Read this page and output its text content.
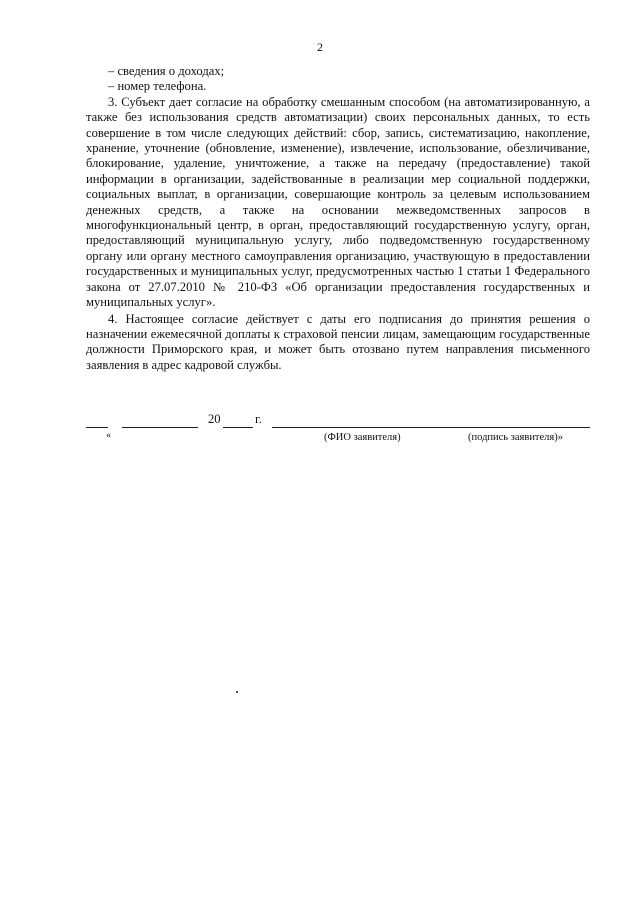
2

– сведения о доходах;

– номер телефона.

3. Субъект дает согласие на обработку смешанным способом (на автоматизированную, а также без использования средств автоматизации) своих персональных данных, то есть совершение в том числе следующих действий: сбор, запись, систематизацию, накопление, хранение, уточнение (обновление, изменение), извлечение, использование, обезличивание, блокирование, удаление, уничтожение, а также на передачу (предоставление) такой информации в организации, задействованные в реализации мер социальной поддержки, социальных выплат, в организации, совершающие контроль за целевым использованием денежных средств, а также на основании межведомственных запросов в многофункциональный центр, в орган, предоставляющий государственную услугу, орган, предоставляющий муниципальную услугу, либо подведомственную государственному органу или органу местного самоуправления организацию, участвующую в предоставлении государственных и муниципальных услуг, предусмотренных частью 1 статьи 1 Федерального закона от 27.07.2010 № 210-ФЗ «Об организации предоставления государственных и муниципальных услуг».

4. Настоящее согласие действует с даты его подписания до принятия решения о назначении ежемесячной доплаты к страховой пенсии лицам, замещающим государственные должности Приморского края, и может быть отозвано путем направления письменного заявления в адрес кадровой службы.

«
20	г.
(ФИО заявителя)	(подпись заявителя)»
